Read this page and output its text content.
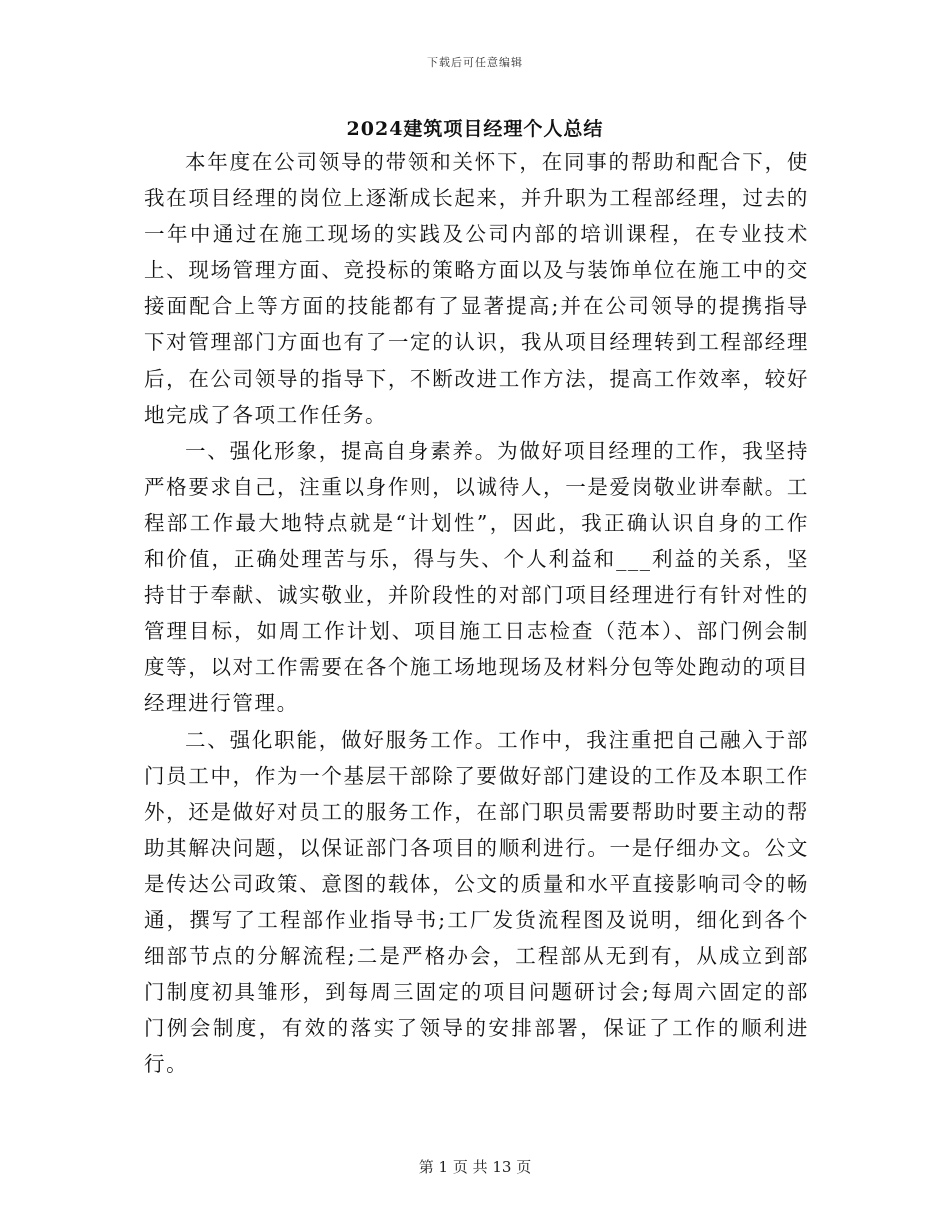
下载后可任意编辑
2024建筑项目经理个人总结

本年度在公司领导的带领和关怀下，在同事的帮助和配合下，使我在项目经理的岗位上逐渐成长起来，并升职为工程部经理，过去的一年中通过在施工现场的实践及公司内部的培训课程，在专业技术上、现场管理方面、竞投标的策略方面以及与装饰单位在施工中的交接面配合上等方面的技能都有了显著提高;并在公司领导的提携指导下对管理部门方面也有了一定的认识，我从项目经理转到工程部经理后，在公司领导的指导下，不断改进工作方法，提高工作效率，较好地完成了各项工作任务。

一、强化形象，提高自身素养。为做好项目经理的工作，我坚持严格要求自己，注重以身作则，以诚待人，一是爱岗敬业讲奉献。工程部工作最大地特点就是“计划性”，因此，我正确认识自身的工作和价值，正确处理苦与乐，得与失、个人利益和___利益的关系，坚持甘于奉献、诚实敬业，并阶段性的对部门项目经理进行有针对性的管理目标，如周工作计划、项目施工日志检查（范本）、部门例会制度等，以对工作需要在各个施工场地现场及材料分包等处跑动的项目经理进行管理。

二、强化职能，做好服务工作。工作中，我注重把自己融入于部门员工中，作为一个基层干部除了要做好部门建设的工作及本职工作外，还是做好对员工的服务工作，在部门职员需要帮助时要主动的帮助其解决问题，以保证部门各项目的顺利进行。一是仔细办文。公文是传达公司政策、意图的载体，公文的质量和水平直接影响司令的畅通，撰写了工程部作业指导书;工厂发货流程图及说明，细化到各个细部节点的分解流程;二是严格办会，工程部从无到有，从成立到部门制度初具雏形，到每周三固定的项目问题研讨会;每周六固定的部门例会制度，有效的落实了领导的安排部署，保证了工作的顺利进行。

第 1 页 共 13 页
